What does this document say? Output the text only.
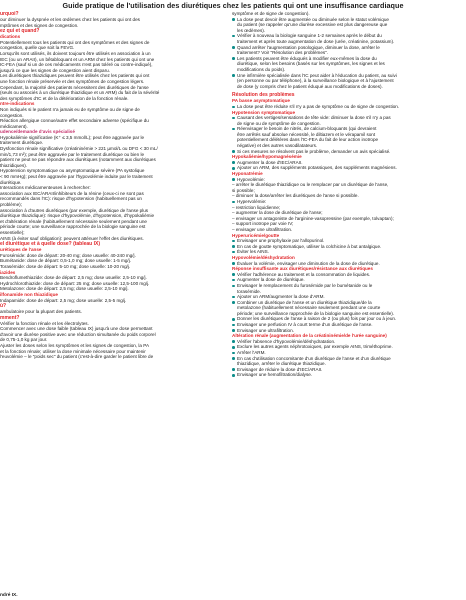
Guide pratique de l'utilisation des diurétiques chez les patients qui ont une insuffisance cardiaque
urquoi?
our diminuer la dyspnée et les œdèmes chez les patients qui ont des
mptômes et des signes de congestion.
ez qui et quand?
dications
Potentiellement tous les patients qui ont des symptômes et des signes de
congestion, quelle que soit la FEVG.
Lorsqu'ils sont utilisés, ils doivent toujours être utilisés en association à un
IEC (ou un ARAII), un bêtabloquant et un ARM chez les patients qui ont une
IC-FEA (sauf si un de ces médicaments n'est pas toléré ou contre-indiqué),
jusqu'à ce que les signes de congestion aient disparu.
Les diurétiques thiazidiques peuvent être utilisés chez les patients qui ont
une fonction rénale préservée et des symptômes de congestion légers.
Cependant, la majorité des patients nécessitent des diurétiques de l'anse
(seuls ou associés à un diurétique thiazidique et un ARM) du fait de la sévérité
des symptômes d'IC et de la détérioration de la fonction rénale.
ntre-indications
Non indiqués si le patient n'a jamais eu de symptôme ou de signe de
congestion.
Réaction allergique connue/autre effet secondaire adverse (spécifique du
médicament).
udence/demande d'avis spécialisé
Hypokaliémie significative (K⁺ ≤ 3,5 mmol/L); peut être aggravée par le
traitement diurétique.
Dysfonction rénale significative (créatininémie > 221 µmol/L ou DFG < 30 mL/
min/1,73 m²); peut être aggravée par le traitement diurétique ou bien le
patient ne peut ne pas répondre aux diurétiques (notamment aux diurétiques
thiazidiques).
Hypotension symptomatique ou asymptomatique sévère (PA systolique
< 90 mmHg); peut être aggravée par l'hypovolémie induite par le traitement
diurétique.
Interactions médicamenteuses à rechercher:
association aux IEC/ARAII/inhibiteurs de la rénine (ceux-ci ne sont pas
recommandés dans l'IC): risque d'hypotension (habituellement pas un
problème);
association à d'autres diurétiques (par exemple, diurétique de l'anse plus
diurétique thiazidique): risque d'hypovolémie, d'hypotension, d'hypokaliémie
et d'altération rénale (habituellement nécessaire seulement pendant une
période courte; une surveillance rapprochée de la biologie sanguine est
essentielle);
AINS (à éviter sauf obligation): peuvent atténuer l'effet des diurétiques.
el diurétique et à quelle dose? (tableau IX)
urétiques de l'anse
Furosémide: dose de départ: 20-40 mg; dose usuelle: 40-240 mg/j.
Bumétanide: dose de départ: 0,5-1,0 mg; dose usuelle: 1-5 mg/j.
Torasémide: dose de départ: 5-10 mg; dose usuelle: 10-20 mg/j.
iazides
Bendroflumethiazide: dose de départ: 2,5 mg; dose usuelle: 2,5-10 mg/j.
Hydrochlorothiazide: dose de départ: 25 mg; dose usuelle: 12,5-100 mg/j.
Metolazone: dose de départ: 2,5 mg; dose usuelle: 2,5-10 mg/j.
ilfonamide non thiazidique
Indapamide: dose de départ: 2,5 mg; dose usuelle: 2,5-5 mg/j.
ù?
ambulatoire pour la plupart des patients.
mment?
Vérifier la fonction rénale et les électrolytes.
Commencer avec une dose faible (tableau IX) jusqu'à une dose permettant
d'avoir une diurèse positive avec une réduction simultanée du poids corporel
de 0,75-1,0 kg par jour.
Ajuster les doses selon les symptômes et les signes de congestion, la PA
et la fonction rénale; utiliser la dose minimale nécessaire pour maintenir
l'euvolémie – le "poids sec" du patient (c'est-à-dire garder le patient libre de
symptôme et de signe de congestion).
La dose peut devoir être augmentée ou diminuée selon le statut volémique
du patient (se rappeler qu'une diurèse excessive est plus dangereuse que
les œdèmes).
Vérifier à nouveau la biologie sanguine 1-2 semaines après le début du
traitement et après toute augmentation de dose (urée, créatinine, potassium).
Quand arrêter l'augmentation posologique, diminuer la dose, arrêter le
traitement? Voir "Résolution des problèmes".
Les patients peuvent être éduqués à modifier eux-mêmes la dose du
diurétique, selon les besoins (basés sur les symptômes, les signes et les
modifications du poids).
Une infirmière spécialisée dans l'IC peut aider à l'éducation du patient, au suivi
(en personne ou par téléphone), à la surveillance biologique et à l'ajustement
de dose (y compris chez le patient éduqué aux modifications de doses).
Résolution des problèmes
PA basse asymptomatique
La dose peut être réduite s'il n'y a pas de symptôme ou de signe de congestion.
Hypotension symptomatique
Causant des vertiges/sensations de tête vide: diminuer la dose s'il n'y a pas
de signe ou de symptôme de congestion.
Réenvisager le besoin de nitrés, de calcium-bloquants (qui devraient
être arrêtés sauf absolue nécessité, le diltiazem et le vérapamil sont
potentiellement délétères dans l'IC-FEA du fait de leur action inotrope
négative) et des autres vasodilatateurs.
Si ces mesures ne résolvent pas le problème, demander un avis spécialisé.
Hypokaliémie/hypomagnésémie
Augmenter la dose d'IEC/ARAII.
Ajouter un ARM, des suppléments potassiques, des suppléments magnésiens.
Hyponatrémie
Hypovolémie:
– arrêter le diurétique thiazidique ou le remplacer par un diurétique de l'anse,
si possible;
– diminuer la dose/arrêter les diurétiques de l'anse si possible.
Hypervolémie:
– restriction liquidienne;
– augmenter la dose de diurétique de l'anse;
– envisager un antagoniste de l'arginine-vasopressine (par exemple, tolvaptan);
– support inotrope par voie IV;
– envisager une ultrafiltration.
Hyperuricémie/goutte
Envisager une prophylaxie par l'allopurinol.
En cas de goutte symptomatique, utiliser la colchicine à but antalgique.
Éviter les AINS.
Hypovolémie/déshydratation
Évaluer la volémie, envisager une diminution de la dose de diurétique.
Réponse insuffisante aux diurétiques/résistance aux diurétiques
Vérifier l'adhérence au traitement et la consommation de liquides.
Augmenter la dose de diurétique.
Envisager le remplacement du furosémide par le bumétanide ou le
torasémide.
Ajouter un ARM/augmenter la dose d'ARM.
Combiner un diurétique de l'anse et un diurétique thiazidique/de la
metolazone (habituellement nécessaire seulement pendant une courte
période; une surveillance rapprochée de la biologie sanguine est essentielle).
Donner les diurétiques de l'anse à raison de 2 (ou plus) fois par jour ou à jeun.
Envisager une perfusion IV à court terme d'un diurétique de l'anse.
Envisager une ultrafiltration.
Altération rénale (augmentation de la créatininémie/de l'urée sanguine)
Vérifier l'absence d'hypovolémie/déshydratation.
Exclure les autres agents néphrotoxiques, par exemple AINS, triméthoprime.
Arrêter l'ARM.
En cas d'utilisation concomitante d'un diurétique de l'anse et d'un diurétique
thiazidique, arrêter le diurétique thiazidique.
Envisager de réduire la dose d'IEC/ARAII.
Envisager une hemofiltration/dialyse.
ndré IX.
